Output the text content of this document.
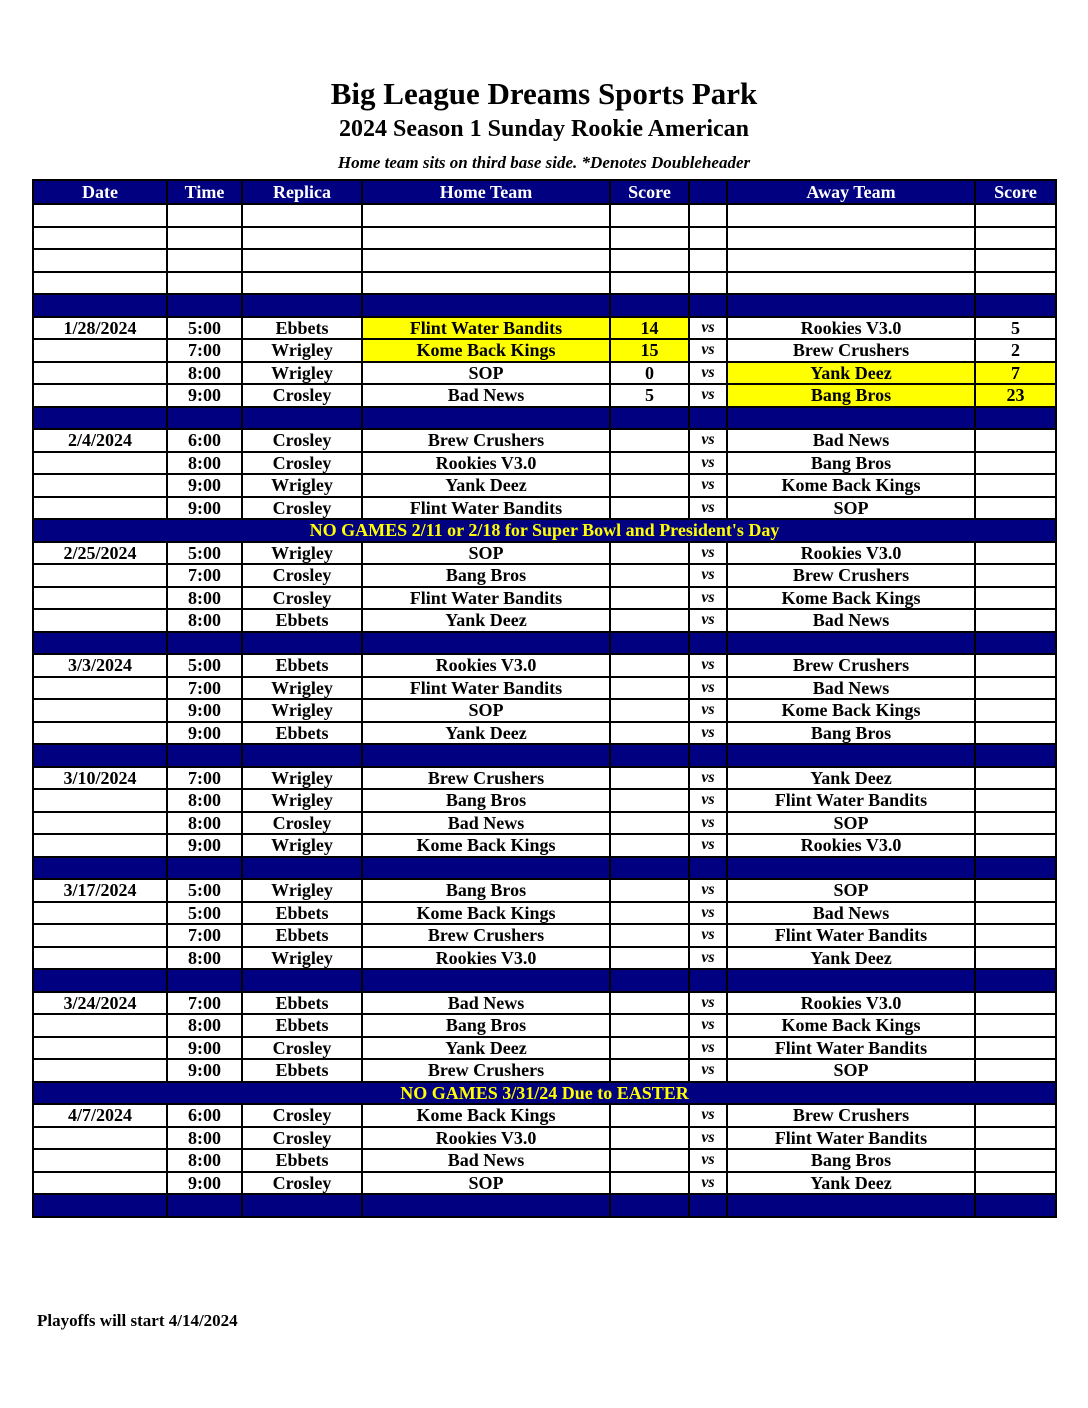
Big League Dreams Sports Park
2024 Season 1 Sunday Rookie American
Home team sits on third base side. *Denotes Doubleheader
Date	Time	Replica	Home Team	Score		Away Team	Score

1/28/2024	5:00	Ebbets	Flint Water Bandits	14	vs	Rookies V3.0	5
	7:00	Wrigley	Kome Back Kings	15	vs	Brew Crushers	2
	8:00	Wrigley	SOP	0	vs	Yank Deez	7
	9:00	Crosley	Bad News	5	vs	Bang Bros	23

2/4/2024	6:00	Crosley	Brew Crushers		vs	Bad News	
	8:00	Crosley	Rookies V3.0		vs	Bang Bros	
	9:00	Wrigley	Yank Deez		vs	Kome Back Kings	
	9:00	Crosley	Flint Water Bandits		vs	SOP	
NO GAMES 2/11 or 2/18 for Super Bowl and President's Day							
2/25/2024	5:00	Wrigley	SOP		vs	Rookies V3.0	
	7:00	Crosley	Bang Bros		vs	Brew Crushers	
	8:00	Crosley	Flint Water Bandits		vs	Kome Back Kings	
	8:00	Ebbets	Yank Deez		vs	Bad News	

3/3/2024	5:00	Ebbets	Rookies V3.0		vs	Brew Crushers	
	7:00	Wrigley	Flint Water Bandits		vs	Bad News	
	9:00	Wrigley	SOP		vs	Kome Back Kings	
	9:00	Ebbets	Yank Deez		vs	Bang Bros	

3/10/2024	7:00	Wrigley	Brew Crushers		vs	Yank Deez	
	8:00	Wrigley	Bang Bros		vs	Flint Water Bandits	
	8:00	Crosley	Bad News		vs	SOP	
	9:00	Wrigley	Kome Back Kings		vs	Rookies V3.0	

3/17/2024	5:00	Wrigley	Bang Bros		vs	SOP	
	5:00	Ebbets	Kome Back Kings		vs	Bad News	
	7:00	Ebbets	Brew Crushers		vs	Flint Water Bandits	
	8:00	Wrigley	Rookies V3.0		vs	Yank Deez	

3/24/2024	7:00	Ebbets	Bad News		vs	Rookies V3.0	
	8:00	Ebbets	Bang Bros		vs	Kome Back Kings	
	9:00	Crosley	Yank Deez		vs	Flint Water Bandits	
	9:00	Ebbets	Brew Crushers		vs	SOP	
NO GAMES 3/31/24 Due to EASTER							
4/7/2024	6:00	Crosley	Kome Back Kings		vs	Brew Crushers	
	8:00	Crosley	Rookies V3.0		vs	Flint Water Bandits	
	8:00	Ebbets	Bad News		vs	Bang Bros	
	9:00	Crosley	SOP		vs	Yank Deez	

Playoffs will start 4/14/2024
